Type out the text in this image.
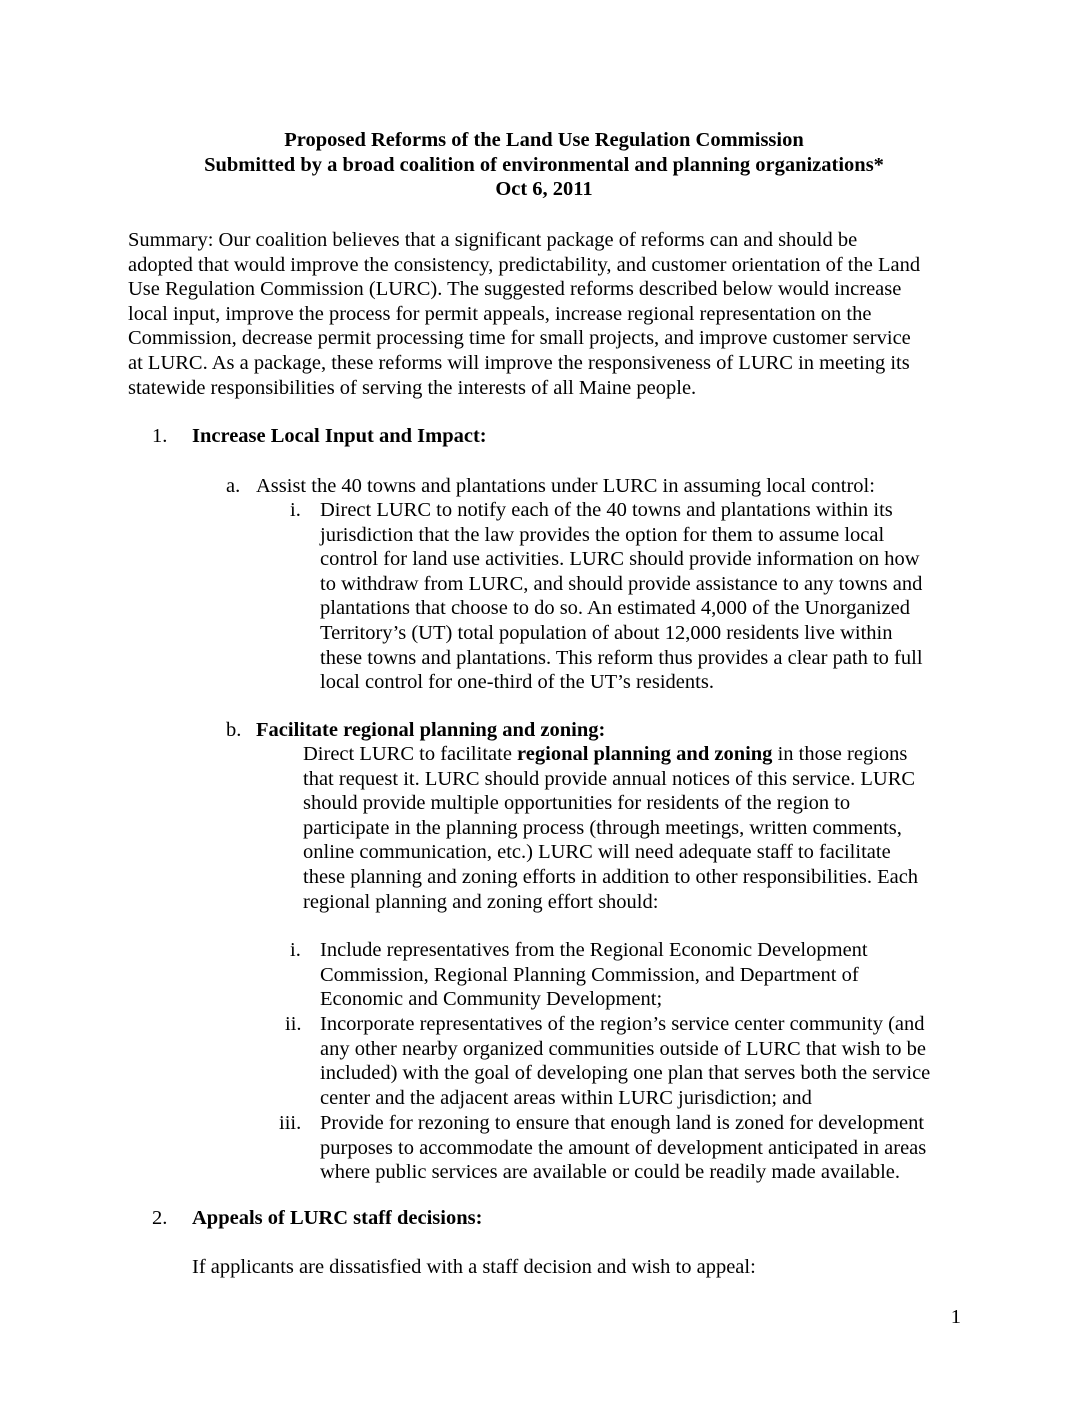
Proposed Reforms of the Land Use Regulation Commission
Submitted by a broad coalition of environmental and planning organizations*
Oct 6, 2011
Summary: Our coalition believes that a significant package of reforms can and should be
adopted that would improve the consistency, predictability, and customer orientation of the Land
Use Regulation Commission (LURC). The suggested reforms described below would increase
local input, improve the process for permit appeals, increase regional representation on the
Commission, decrease permit processing time for small projects, and improve customer service
at LURC. As a package, these reforms will improve the responsiveness of LURC in meeting its
statewide responsibilities of serving the interests of all Maine people.
1. Increase Local Input and Impact:
a. Assist the 40 towns and plantations under LURC in assuming local control:
i. Direct LURC to notify each of the 40 towns and plantations within its
jurisdiction that the law provides the option for them to assume local
control for land use activities. LURC should provide information on how
to withdraw from LURC, and should provide assistance to any towns and
plantations that choose to do so. An estimated 4,000 of the Unorganized
Territory’s (UT) total population of about 12,000 residents live within
these towns and plantations. This reform thus provides a clear path to full
local control for one-third of the UT’s residents.
b. Facilitate regional planning and zoning:
Direct LURC to facilitate regional planning and zoning in those regions
that request it. LURC should provide annual notices of this service. LURC
should provide multiple opportunities for residents of the region to
participate in the planning process (through meetings, written comments,
online communication, etc.) LURC will need adequate staff to facilitate
these planning and zoning efforts in addition to other responsibilities. Each
regional planning and zoning effort should:
i. Include representatives from the Regional Economic Development
Commission, Regional Planning Commission, and Department of
Economic and Community Development;
ii. Incorporate representatives of the region’s service center community (and
any other nearby organized communities outside of LURC that wish to be
included) with the goal of developing one plan that serves both the service
center and the adjacent areas within LURC jurisdiction; and
iii. Provide for rezoning to ensure that enough land is zoned for development
purposes to accommodate the amount of development anticipated in areas
where public services are available or could be readily made available.
2. Appeals of LURC staff decisions:
If applicants are dissatisfied with a staff decision and wish to appeal:
1
